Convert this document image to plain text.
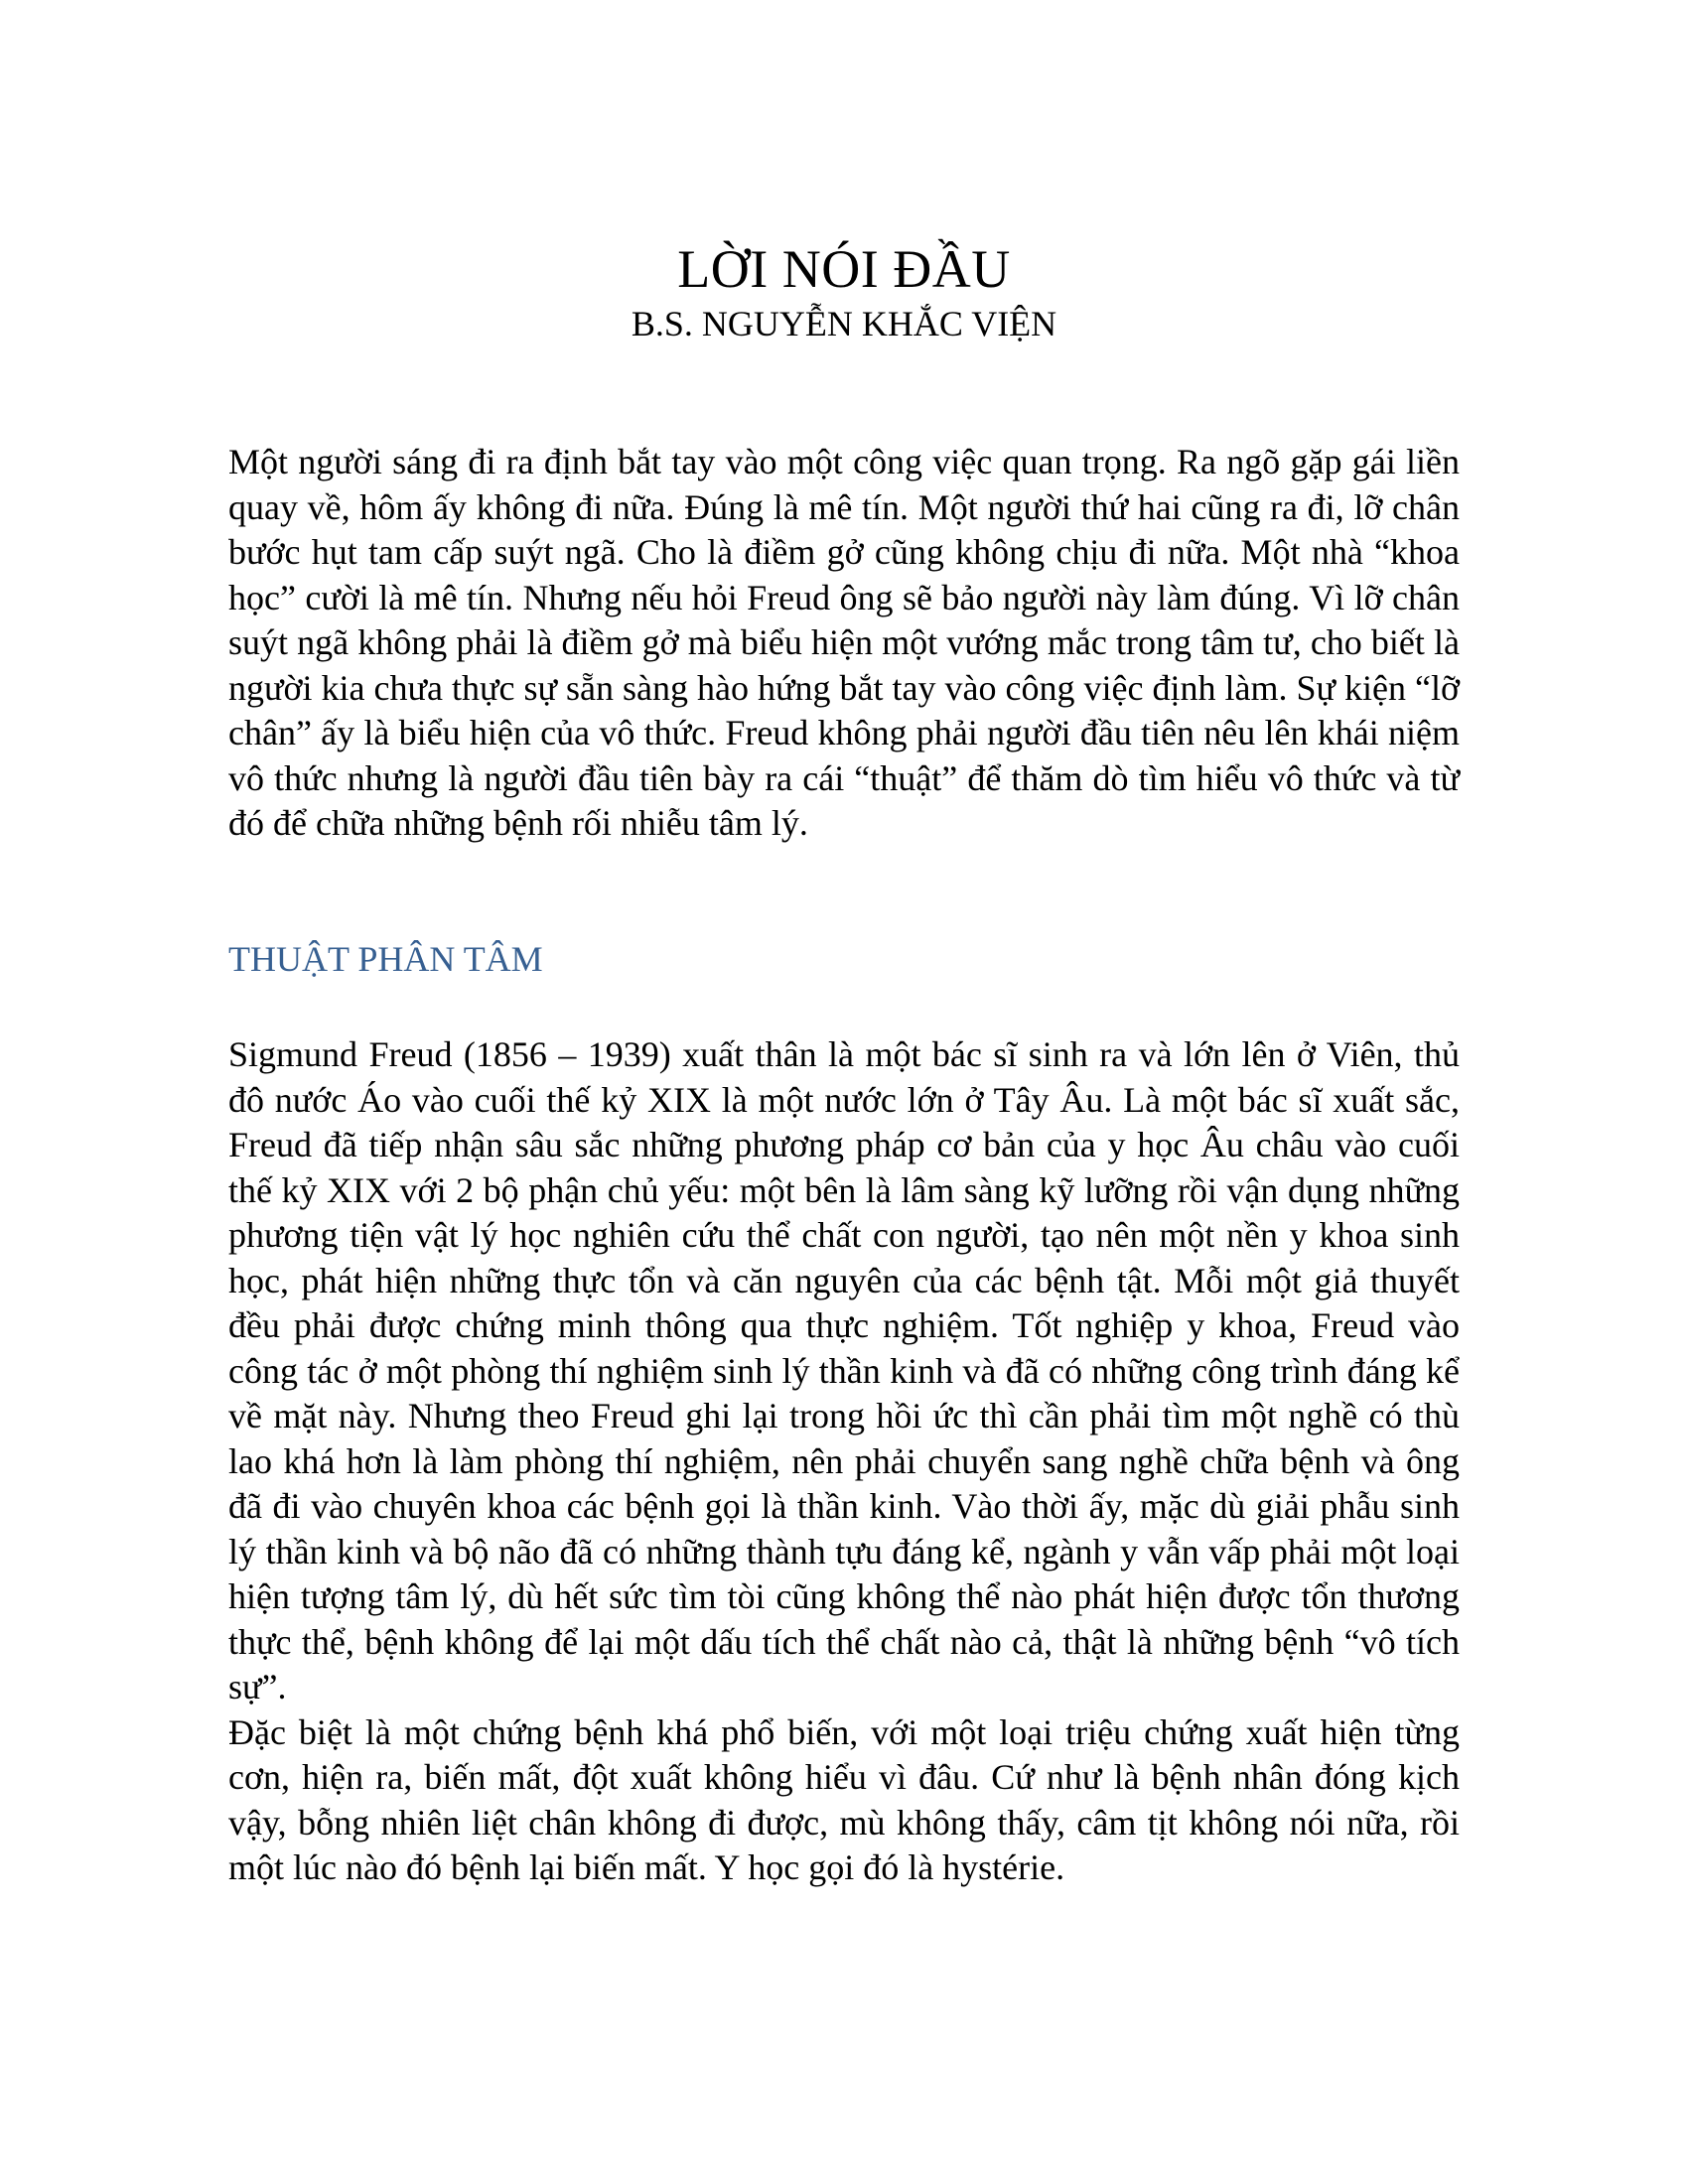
LỜI NÓI ĐẦU
B.S. NGUYỄN KHẮC VIỆN

Một người sáng đi ra định bắt tay vào một công việc quan trọng. Ra ngõ gặp gái liền quay về, hôm ấy không đi nữa. Đúng là mê tín. Một người thứ hai cũng ra đi, lỡ chân bước hụt tam cấp suýt ngã. Cho là điềm gở cũng không chịu đi nữa. Một nhà “khoa học” cười là mê tín. Nhưng nếu hỏi Freud ông sẽ bảo người này làm đúng. Vì lỡ chân suýt ngã không phải là điềm gở mà biểu hiện một vướng mắc trong tâm tư, cho biết là người kia chưa thực sự sẵn sàng hào hứng bắt tay vào công việc định làm. Sự kiện “lỡ chân” ấy là biểu hiện của vô thức. Freud không phải người đầu tiên nêu lên khái niệm vô thức nhưng là người đầu tiên bày ra cái “thuật” để thăm dò tìm hiểu vô thức và từ đó để chữa những bệnh rối nhiễu tâm lý.

THUẬT PHÂN TÂM

Sigmund Freud (1856 – 1939) xuất thân là một bác sĩ sinh ra và lớn lên ở Viên, thủ đô nước Áo vào cuối thế kỷ XIX là một nước lớn ở Tây Âu. Là một bác sĩ xuất sắc, Freud đã tiếp nhận sâu sắc những phương pháp cơ bản của y học Âu châu vào cuối thế kỷ XIX với 2 bộ phận chủ yếu: một bên là lâm sàng kỹ lưỡng rồi vận dụng những phương tiện vật lý học nghiên cứu thể chất con người, tạo nên một nền y khoa sinh học, phát hiện những thực tổn và căn nguyên của các bệnh tật. Mỗi một giả thuyết đều phải được chứng minh thông qua thực nghiệm. Tốt nghiệp y khoa, Freud vào công tác ở một phòng thí nghiệm sinh lý thần kinh và đã có những công trình đáng kể về mặt này. Nhưng theo Freud ghi lại trong hồi ức thì cần phải tìm một nghề có thù lao khá hơn là làm phòng thí nghiệm, nên phải chuyển sang nghề chữa bệnh và ông đã đi vào chuyên khoa các bệnh gọi là thần kinh. Vào thời ấy, mặc dù giải phẫu sinh lý thần kinh và bộ não đã có những thành tựu đáng kể, ngành y vẫn vấp phải một loại hiện tượng tâm lý, dù hết sức tìm tòi cũng không thể nào phát hiện được tổn thương thực thể, bệnh không để lại một dấu tích thể chất nào cả, thật là những bệnh “vô tích sự”.

Đặc biệt là một chứng bệnh khá phổ biến, với một loại triệu chứng xuất hiện từng cơn, hiện ra, biến mất, đột xuất không hiểu vì đâu. Cứ như là bệnh nhân đóng kịch vậy, bỗng nhiên liệt chân không đi được, mù không thấy, câm tịt không nói nữa, rồi một lúc nào đó bệnh lại biến mất. Y học gọi đó là hystérie.
